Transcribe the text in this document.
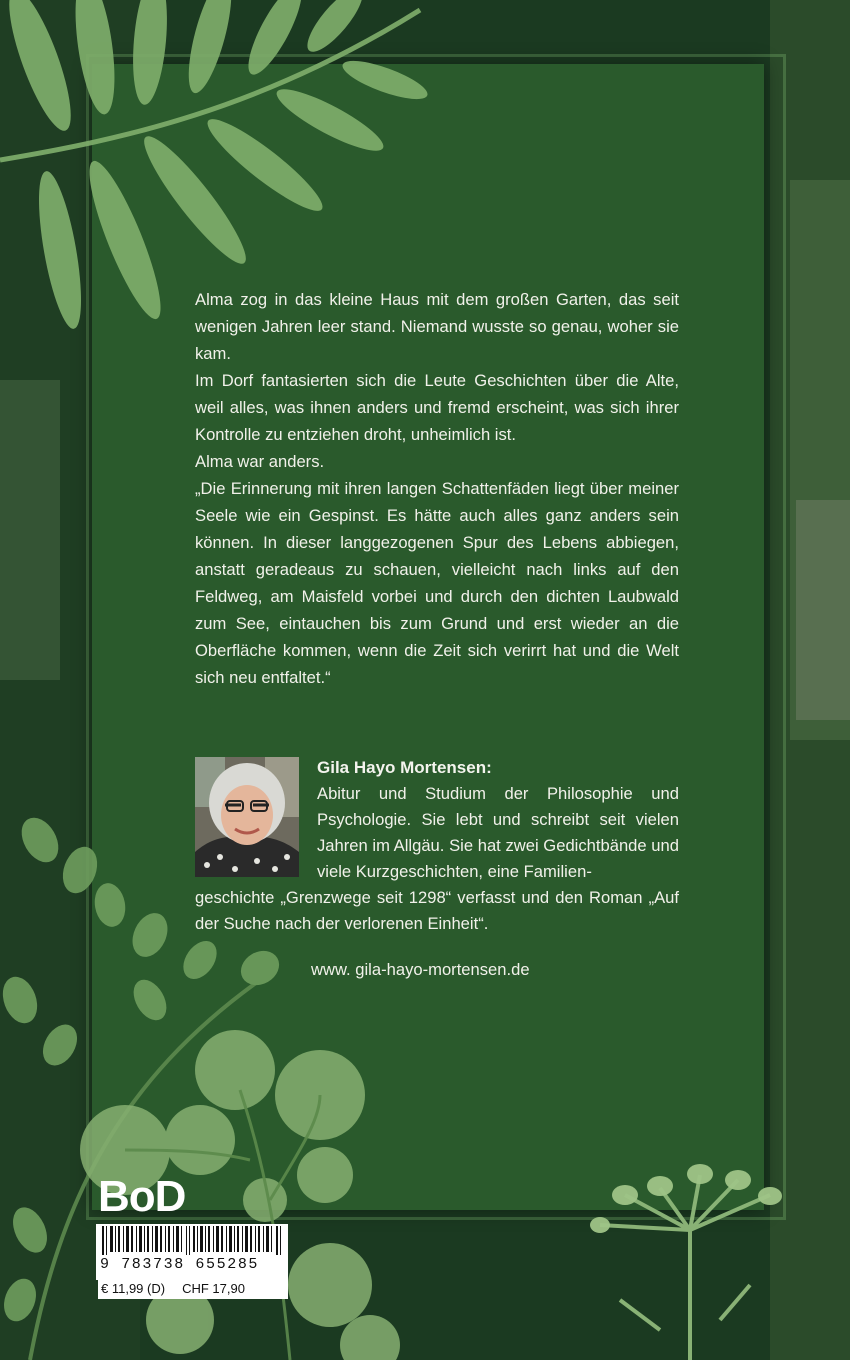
Alma zog in das kleine Haus mit dem großen Garten, das seit wenigen Jahren leer stand. Niemand wusste so genau, woher sie kam.

Im Dorf fantasierten sich die Leute Geschichten über die Alte, weil alles, was ihnen anders und fremd erscheint, was sich ihrer Kontrolle zu entziehen droht, unheimlich ist.

Alma war anders.

„Die Erinnerung mit ihren langen Schattenfäden liegt über meiner Seele wie ein Gespinst. Es hätte auch alles ganz anders sein können. In dieser langgezogenen Spur des Lebens abbiegen, anstatt geradeaus zu schauen, vielleicht nach links auf den Feldweg, am Maisfeld vorbei und durch den dichten Laubwald zum See, eintauchen bis zum Grund und erst wieder an die Oberfläche kommen, wenn die Zeit sich verirrt hat und die Welt sich neu entfaltet.“

Gila Hayo Mortensen:

Abitur und Studium der Philosophie und Psychologie. Sie lebt und schreibt seit vielen Jahren im Allgäu. Sie hat zwei Gedichtbände und viele Kurzgeschichten, eine Familien-

geschichte „Grenzwege seit 1298“ verfasst und den Roman „Auf der Suche nach der verlorenen Einheit“.

www. gila-hayo-mortensen.de
BoD
9 783738 655285
€ 11,99 (D) CHF 17,90
